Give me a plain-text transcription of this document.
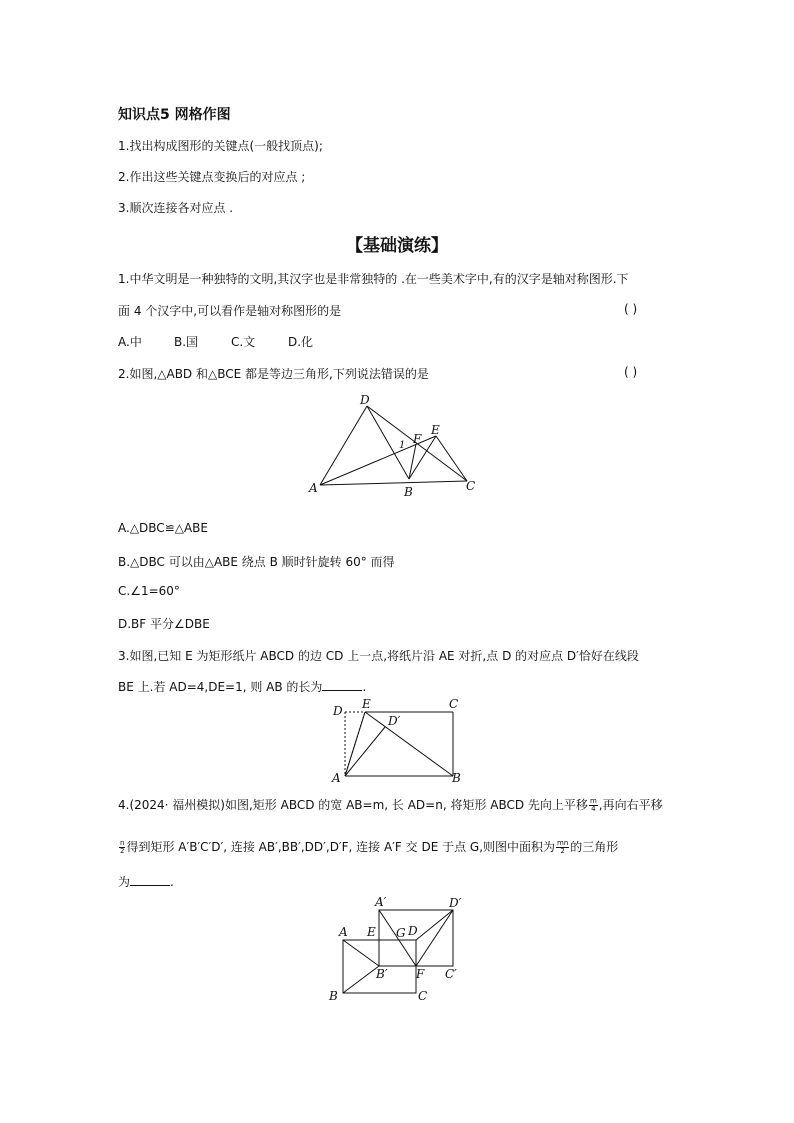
知识点5 网格作图
1.找出构成图形的关键点(一般找顶点);
2.作出这些关键点变换后的对应点 ;
3.顺次连接各对应点 .
【基础演练】
1.中华文明是一种独特的文明,其汉字也是非常独特的 .在一些美术字中,有的汉字是轴对称图形.下
面 4 个汉字中,可以看作是轴对称图形的是	( )
A.中	B.国	C.文	D.化
2.如图,△ABD 和△BCE 都是等边三角形,下列说法错误的是	( )
D
A	B	C
E
F
1
A.△DBC≌△ABE
B.△DBC 可以由△ABE 绕点 B 顺时针旋转 60° 而得
C.∠1=60°
D.BF 平分∠DBE
3.如图,已知 E 为矩形纸片 ABCD 的边 CD 上一点,将纸片沿 AE 对折,点 D 的对应点 D′恰好在线段
BE 上.若 AD=4,DE=1, 则 AB 的长为	.
D E	C
D′
A	B
4.(2024· 福州模拟)如图,矩形 ABCD 的宽 AB=m, 长 AD=n, 将矩形 ABCD 先向上平移 $\frac{m}{4}$ ,再向右平移
$\frac{n}{2}$ 得到矩形 A′B′C′D′, 连接 AB′,BB′,DD′,D′F, 连接 A′F 交 DE 于点 G,则图中面积为 $\frac{mn}{2}$ 的三角形
为	.
A E G D
A′	D′
B′ F C′
B	C
